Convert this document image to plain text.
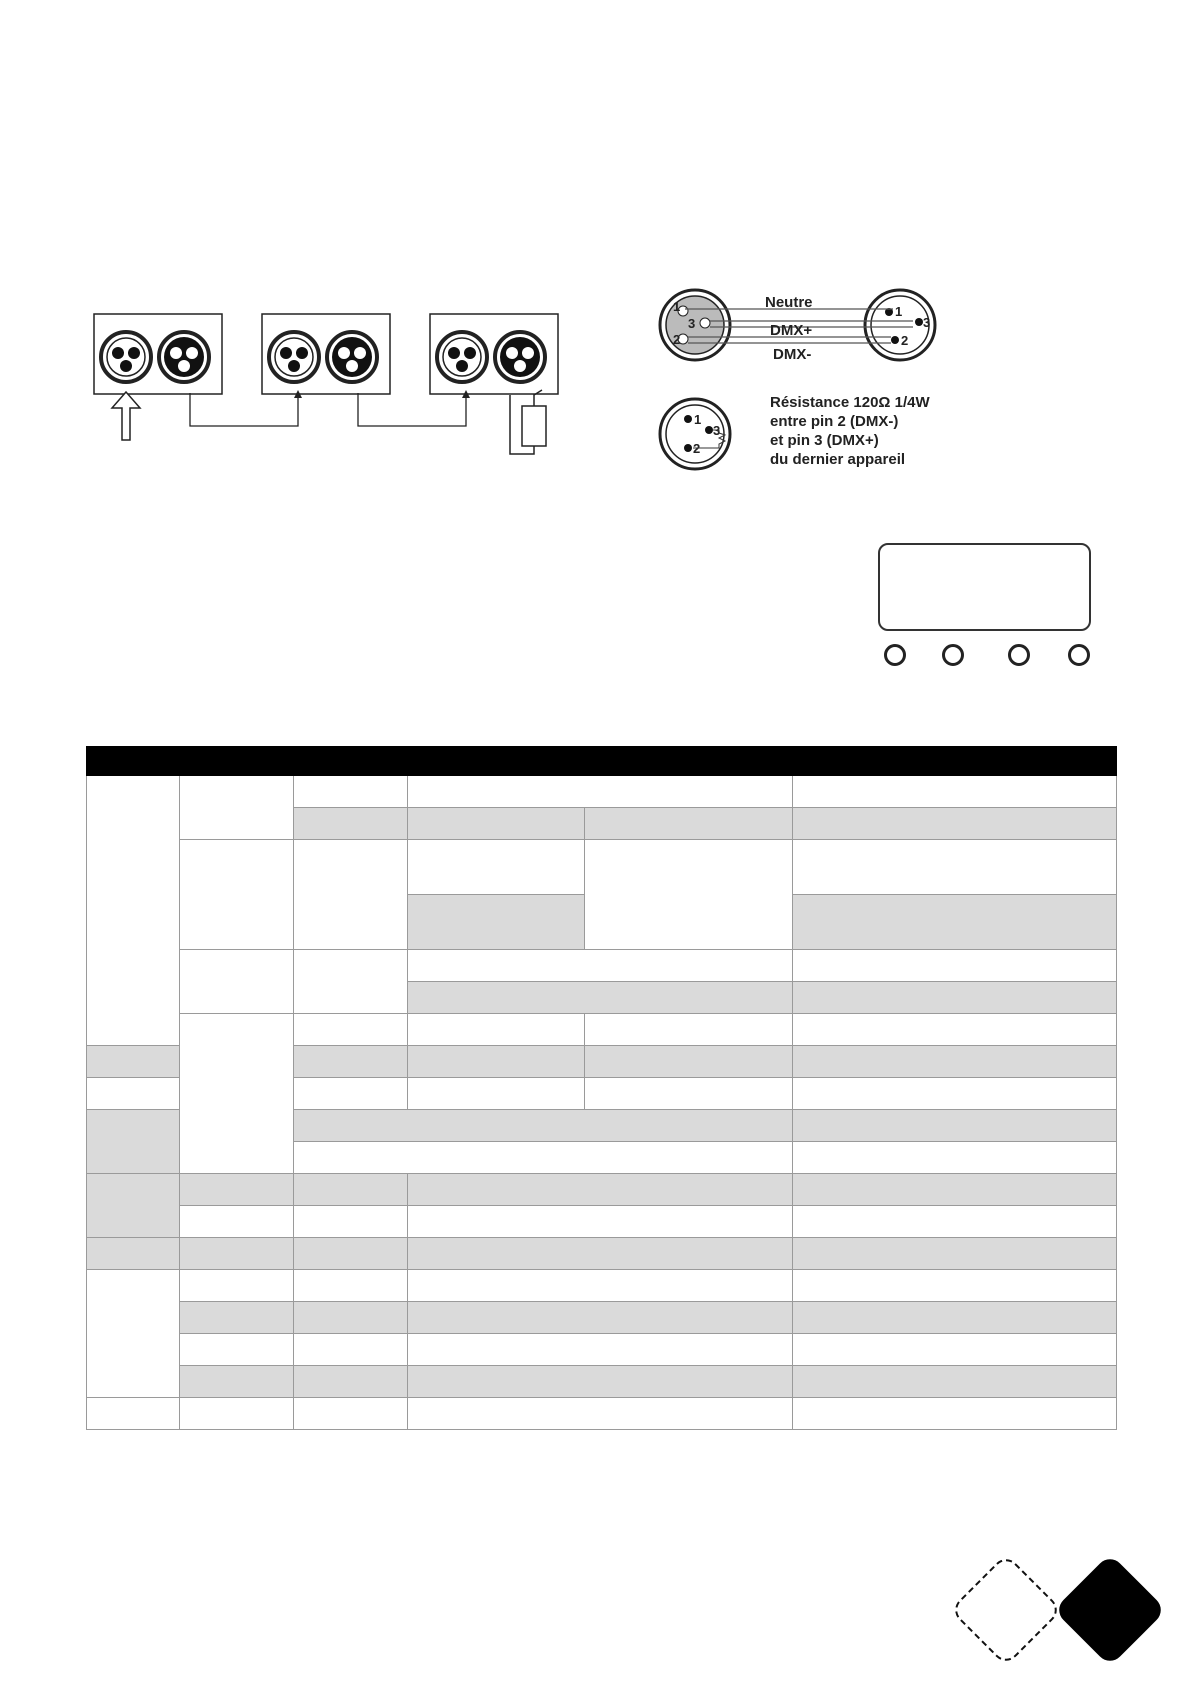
1
3
2
1
3
2
Neutre
DMX+
DMX-
1
3
2
Résistance 120Ω 1/4W
entre pin 2 (DMX-)
et pin 3 (DMX+)
du dernier appareil
